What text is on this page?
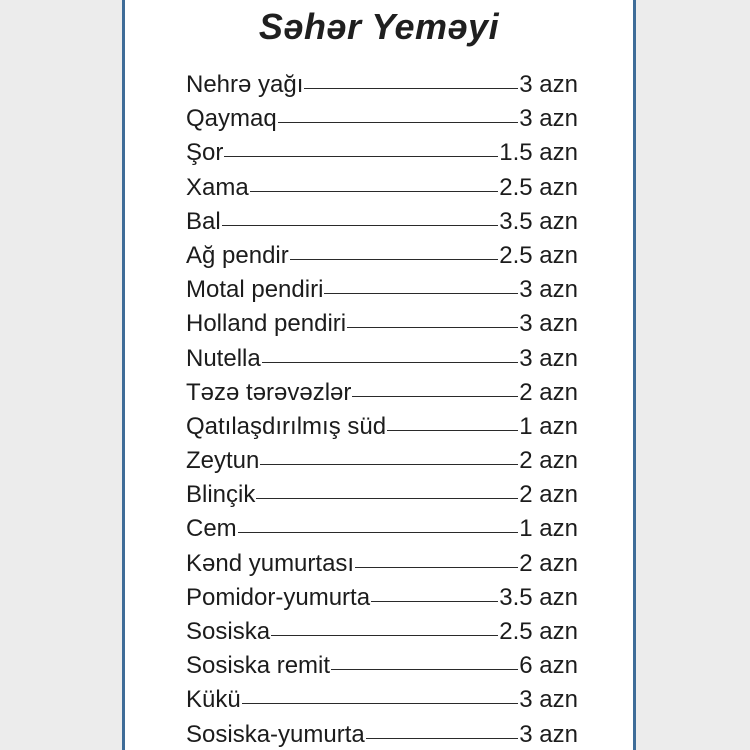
Səhər Yeməyi
Nehrə yağı	3 azn
Qaymaq	3 azn
Şor	1.5 azn
Xama	2.5 azn
Bal	3.5 azn
Ağ pendir	2.5 azn
Motal pendiri	3 azn
Holland pendiri	3 azn
Nutella	3 azn
Təzə tərəvəzlər	2 azn
Qatılaşdırılmış süd	1 azn
Zeytun	2 azn
Blinçik	2 azn
Cem	1 azn
Kənd yumurtası	2 azn
Pomidor-yumurta	3.5 azn
Sosiska	2.5 azn
Sosiska remit	6 azn
Kükü	3 azn
Sosiska-yumurta	3 azn
